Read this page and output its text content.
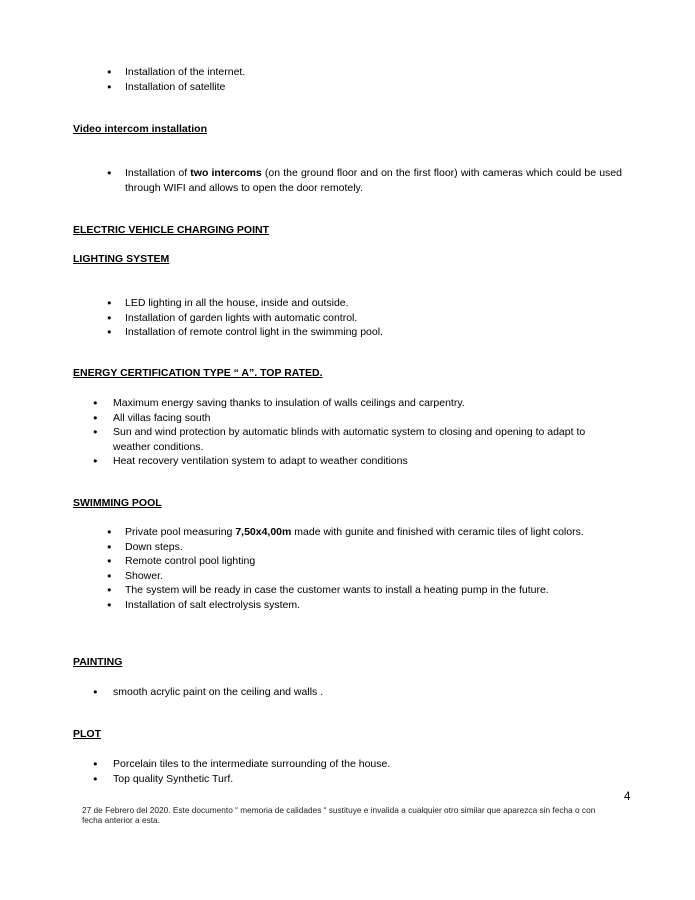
● Installation of the internet.
● Installation of satellite
Video intercom installation
● Installation of two intercoms (on the ground floor and on the first floor) with cameras which could be used through WIFI and allows to open the door remotely.
ELECTRIC VEHICLE CHARGING POINT
LIGHTING SYSTEM
● LED lighting in all the house, inside and outside.
● Installation of garden lights with automatic control.
● Installation of remote control light in the swimming pool.
ENERGY CERTIFICATION TYPE “ A”. TOP RATED.
● Maximum energy saving thanks to insulation of walls ceilings and carpentry.
● All villas facing south
● Sun and wind protection by automatic blinds with automatic system to closing and opening to adapt to weather conditions.
● Heat recovery ventilation system to adapt to weather conditions
SWIMMING POOL
● Private pool measuring 7,50x4,00m made with gunite and finished with ceramic tiles of light colors.
● Down steps.
● Remote control pool lighting
● Shower.
● The system will be ready in case the customer wants to install a heating pump in the future.
● Installation of salt electrolysis system.
PAINTING
● smooth acrylic paint on the ceiling and walls .
PLOT
● Porcelain tiles to the intermediate surrounding of the house.
● Top quality Synthetic Turf.
4
27 de Febrero del 2020. Este documento “ memoria de calidades “ sustituye e invalida a cualquier otro similar que aparezca sin fecha o con fecha anterior a esta.
